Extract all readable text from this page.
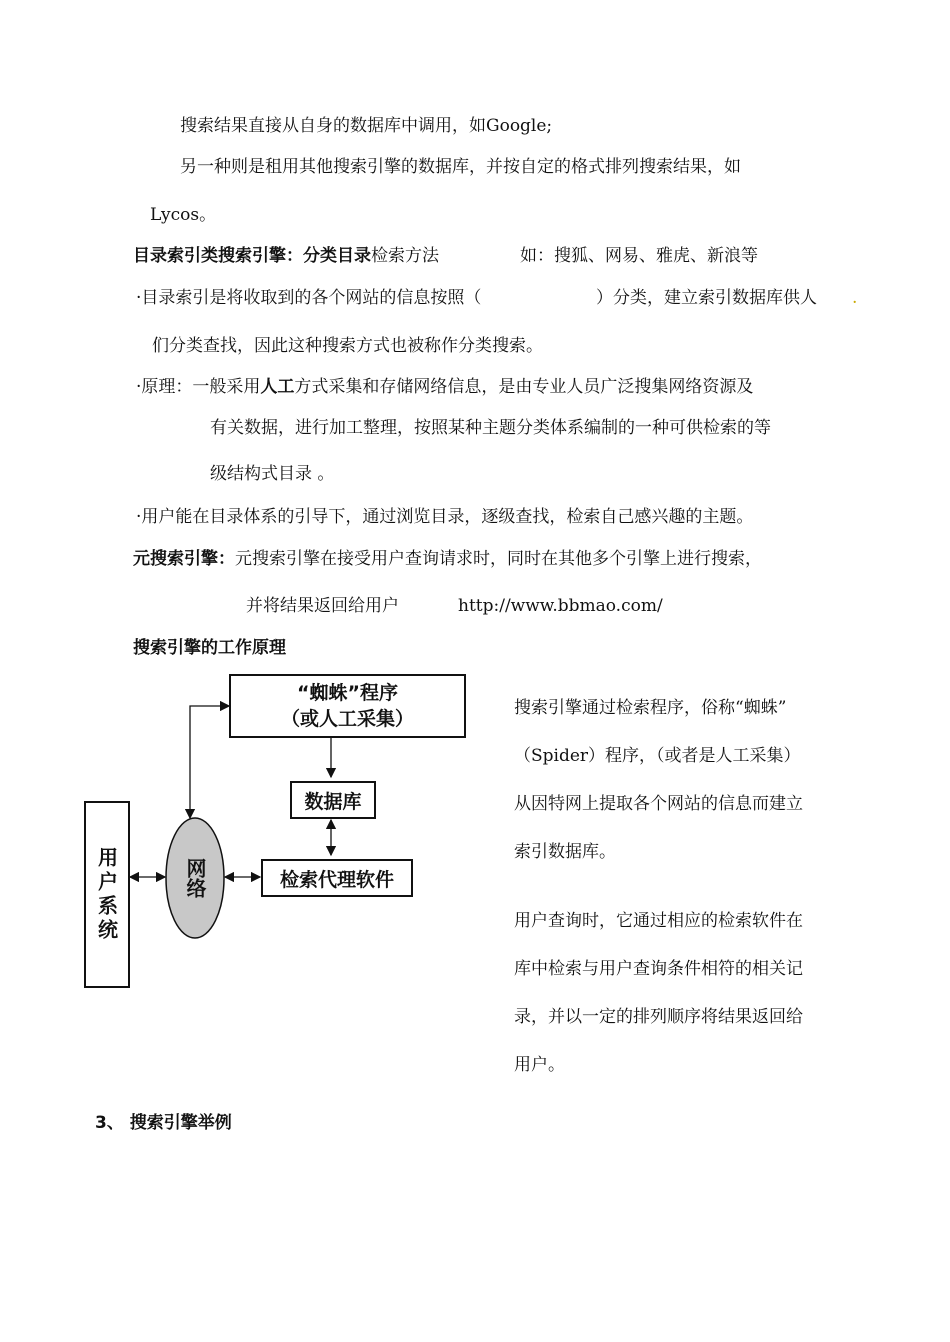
搜索结果直接从自身的数据库中调用，如Google;
另一种则是租用其他搜索引擎的数据库，并按自定的格式排列搜索结果，如
Lycos。
目录索引类搜索引擎：分类目录检索方法	如：搜狐、网易、雅虎、新浪等
·目录索引是将收取到的各个网站的信息按照（	）分类，建立索引数据库供人 .
们分类查找，因此这种搜索方式也被称作分类搜索。
·原理：一般采用人工方式采集和存储网络信息，是由专业人员广泛搜集网络资源及
有关数据，进行加工整理，按照某种主题分类体系编制的一种可供检索的等
级结构式目录 。
·用户能在目录体系的引导下，通过浏览目录，逐级查找，检索自己感兴趣的主题。
元搜索引擎：元搜索引擎在接受用户查询请求时，同时在其他多个引擎上进行搜索，
并将结果返回给用户	http://www.bbmao.com/
搜索引擎的工作原理
“蜘蛛”程序
（或人工采集）
数据库
检索代理软件
网络
用户系统
搜索引擎通过检索程序，俗称“蜘蛛”
（Spider）程序，（或者是人工采集）
从因特网上提取各个网站的信息而建立
索引数据库。
用户查询时，它通过相应的检索软件在
库中检索与用户查询条件相符的相关记
录，并以一定的排列顺序将结果返回给
用户。
3、 搜索引擎举例
